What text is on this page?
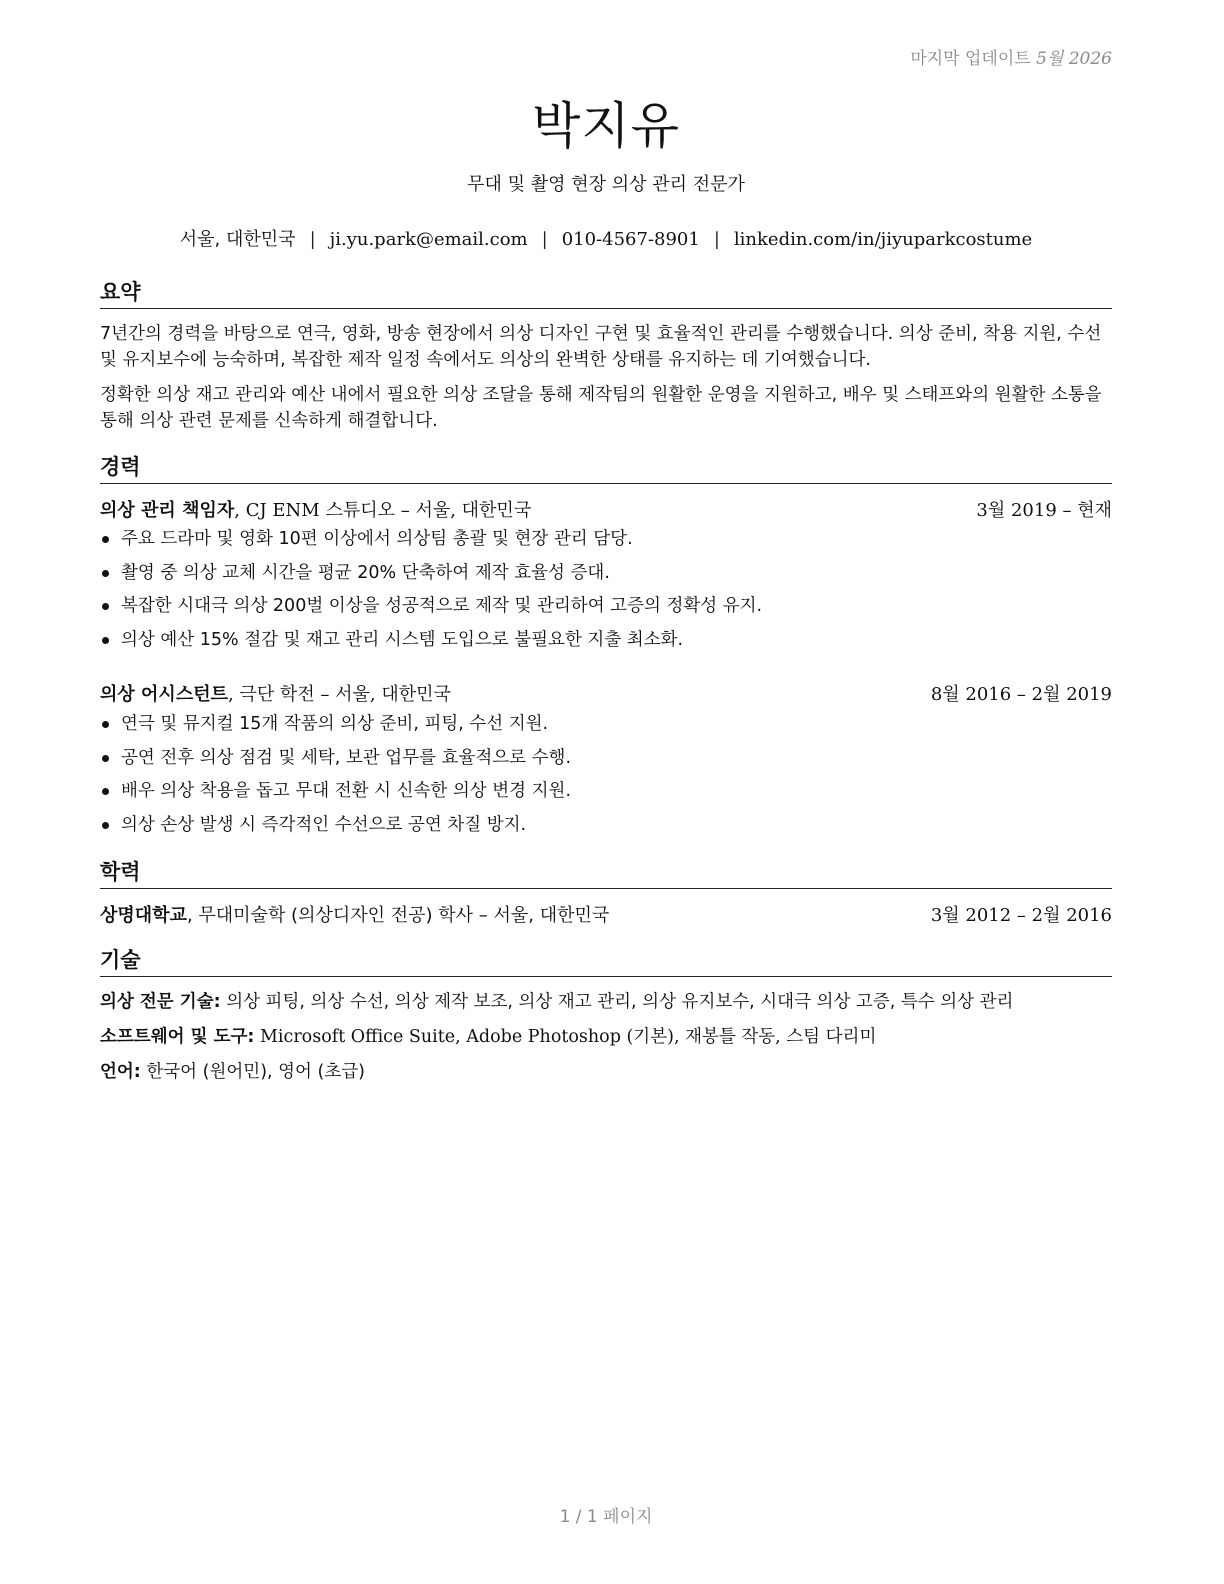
마지막 업데이트 5월 2026
박지유
무대 및 촬영 현장 의상 관리 전문가
서울, 대한민국 | ji.yu.park@email.com | 010-4567-8901 | linkedin.com/in/jiyuparkcostume
요약

7년간의 경력을 바탕으로 연극, 영화, 방송 현장에서 의상 디자인 구현 및 효율적인 관리를 수행했습니다. 의상 준비, 착용 지원, 수선 및 유지보수에 능숙하며, 복잡한 제작 일정 속에서도 의상의 완벽한 상태를 유지하는 데 기여했습니다.

정확한 의상 재고 관리와 예산 내에서 필요한 의상 조달을 통해 제작팀의 원활한 운영을 지원하고, 배우 및 스태프와의 원활한 소통을 통해 의상 관련 문제를 신속하게 해결합니다.

경력
의상 관리 책임자, CJ ENM 스튜디오 – 서울, 대한민국	3월 2019 – 현재
주요 드라마 및 영화 10편 이상에서 의상팀 총괄 및 현장 관리 담당.
촬영 중 의상 교체 시간을 평균 20% 단축하여 제작 효율성 증대.
복잡한 시대극 의상 200벌 이상을 성공적으로 제작 및 관리하여 고증의 정확성 유지.
의상 예산 15% 절감 및 재고 관리 시스템 도입으로 불필요한 지출 최소화.
의상 어시스턴트, 극단 학전 – 서울, 대한민국	8월 2016 – 2월 2019
연극 및 뮤지컬 15개 작품의 의상 준비, 피팅, 수선 지원.
공연 전후 의상 점검 및 세탁, 보관 업무를 효율적으로 수행.
배우 의상 착용을 돕고 무대 전환 시 신속한 의상 변경 지원.
의상 손상 발생 시 즉각적인 수선으로 공연 차질 방지.
학력
상명대학교, 무대미술학 (의상디자인 전공) 학사 – 서울, 대한민국	3월 2012 – 2월 2016
기술
의상 전문 기술: 의상 피팅, 의상 수선, 의상 제작 보조, 의상 재고 관리, 의상 유지보수, 시대극 의상 고증, 특수 의상 관리
소프트웨어 및 도구: Microsoft Office Suite, Adobe Photoshop (기본), 재봉틀 작동, 스팀 다리미
언어: 한국어 (원어민), 영어 (초급)
1 / 1 페이지
